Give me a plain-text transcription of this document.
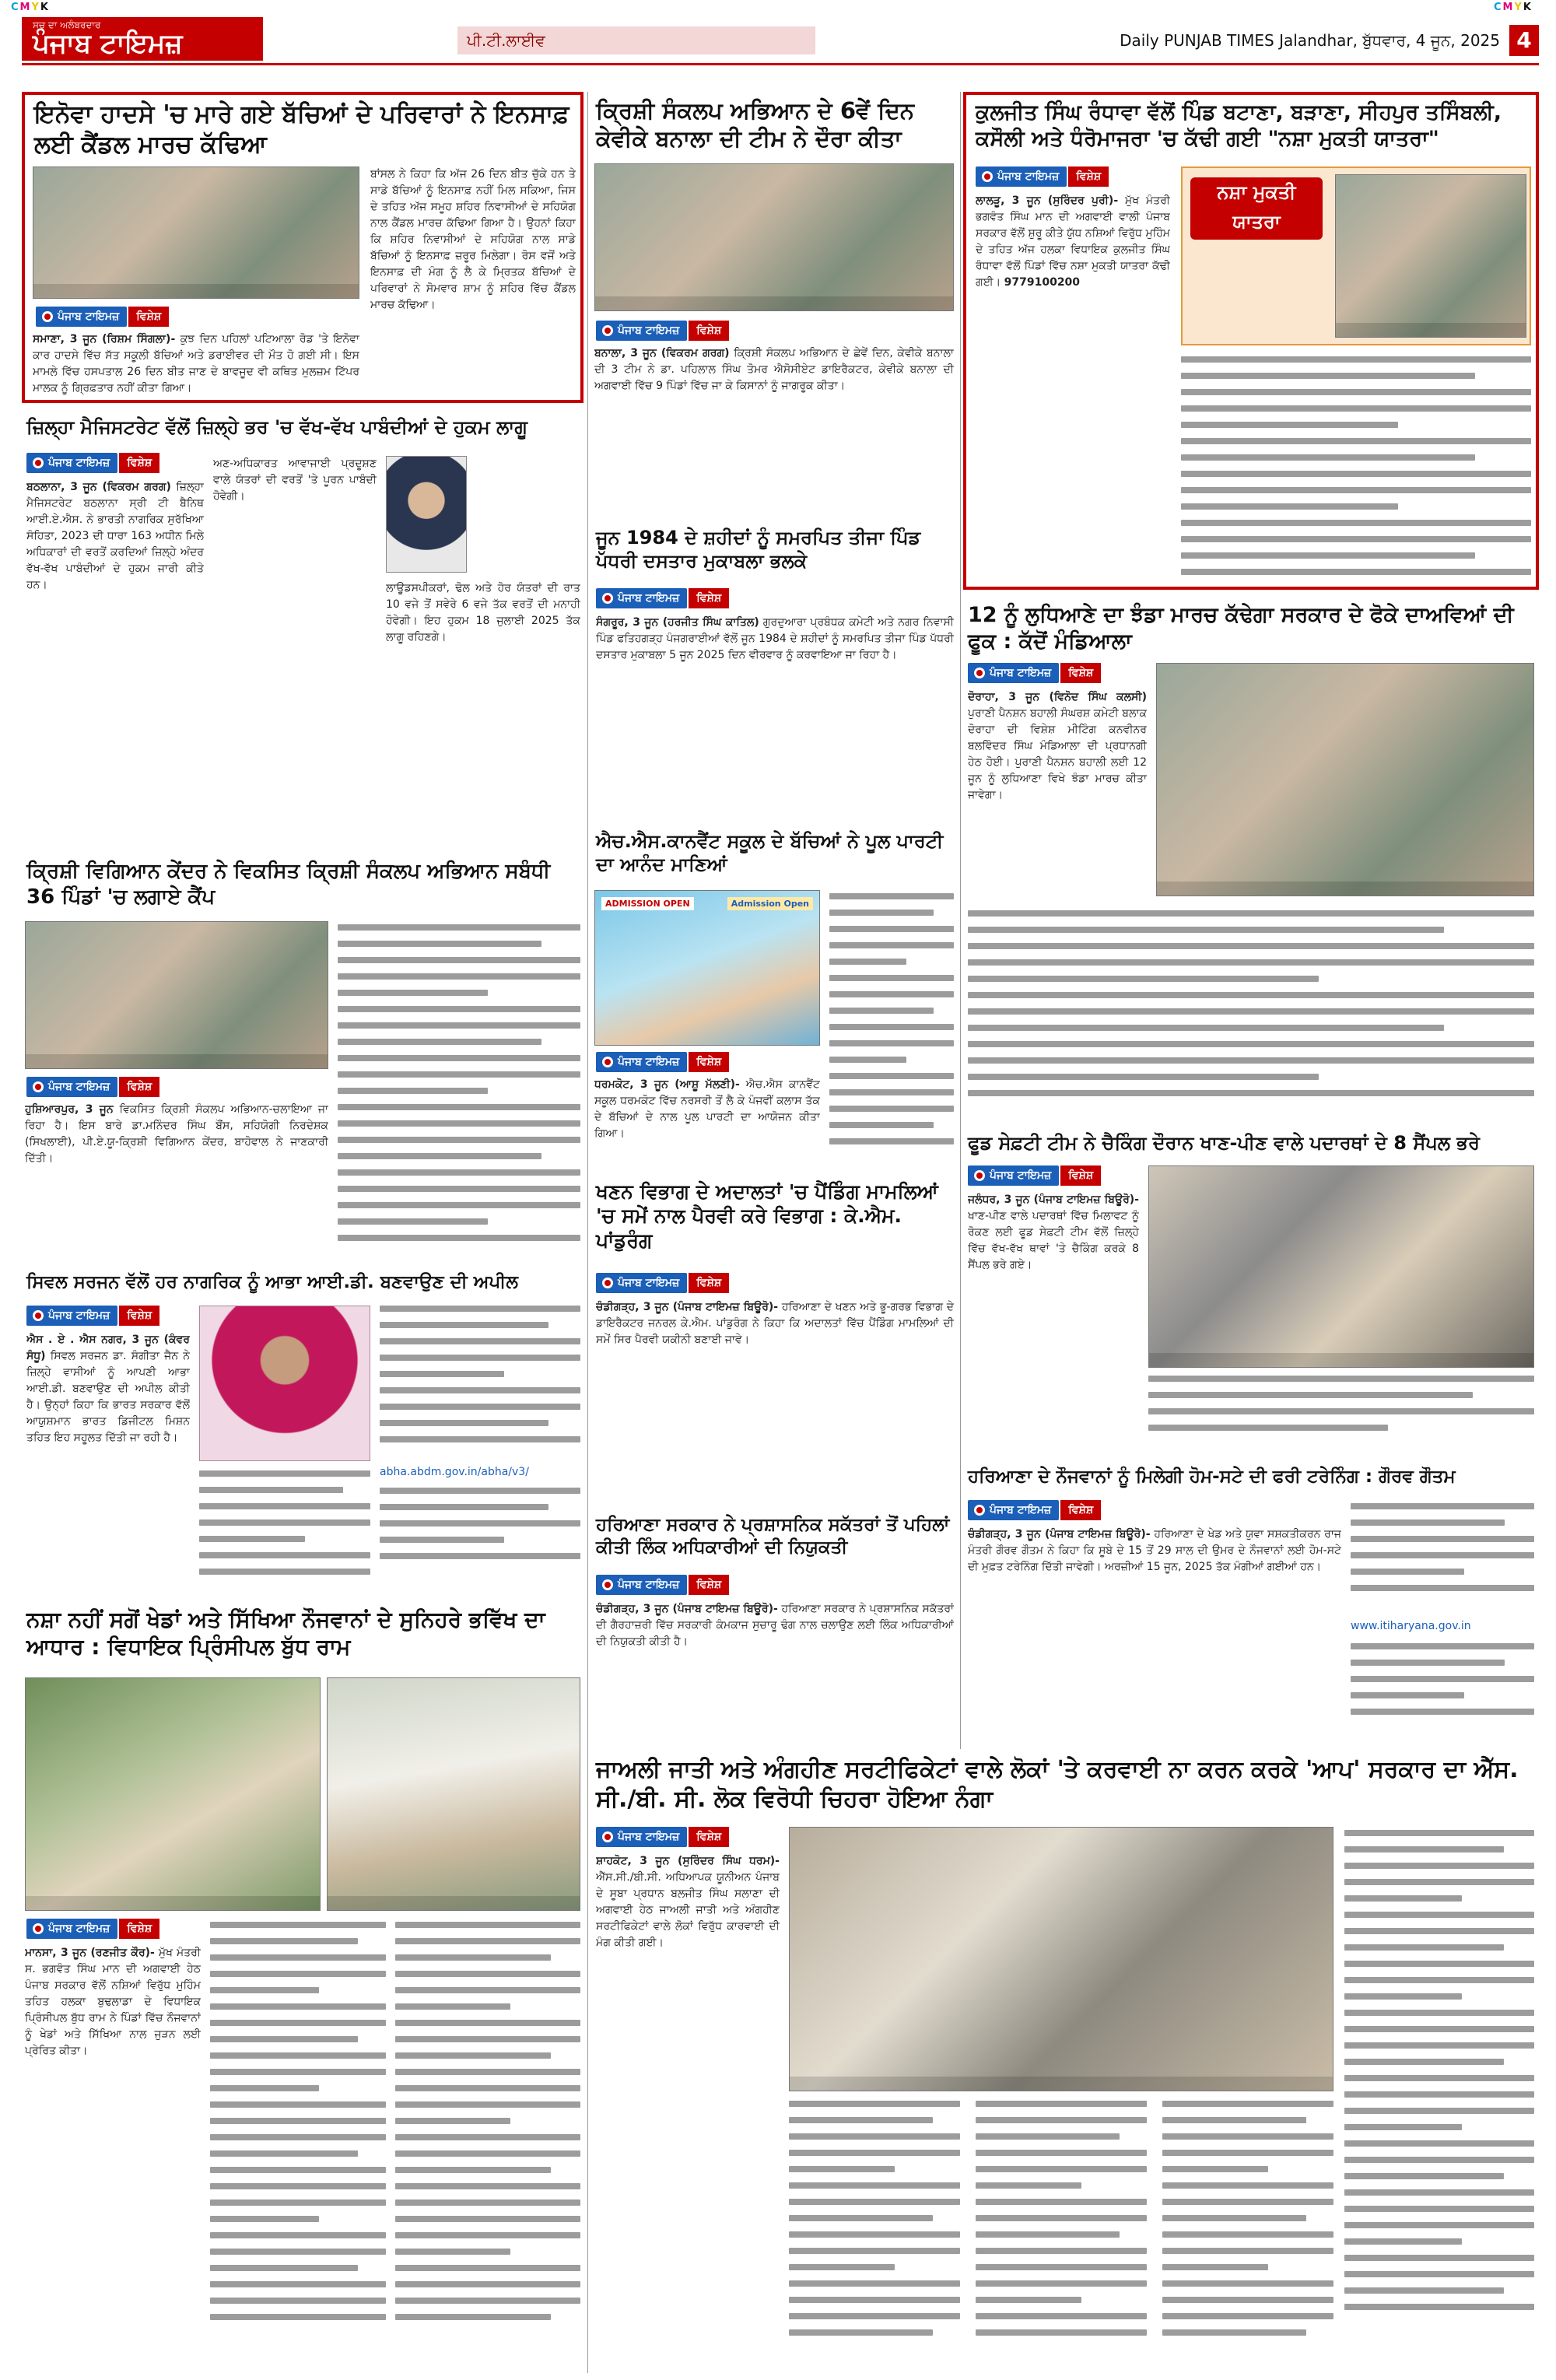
CMYK	CMYK
ਸਚ ਦਾ ਅਲੰਬਰਦਾਰ
ਪੰਜਾਬ ਟਾਇਮਜ਼	ਪੀ.ਟੀ.ਲਾਈਵ	Daily PUNJAB TIMES Jalandhar, ਬੁੱਧਵਾਰ, 4 ਜੂਨ, 2025 4
ਇਨੋਵਾ ਹਾਦਸੇ 'ਚ ਮਾਰੇ ਗਏ ਬੱਚਿਆਂ ਦੇ ਪਰਿਵਾਰਾਂ ਨੇ ਇਨਸਾਫ਼ ਲਈ ਕੈਂਡਲ ਮਾਰਚ ਕੱਢਿਆ
ਪੰਜਾਬ ਟਾਇਮਜ਼ ਵਿਸ਼ੇਸ਼
ਸਮਾਣਾ, 3 ਜੂਨ (ਰਿਸ਼ਮ ਸਿੰਗਲਾ)- ਕੁਝ ਦਿਨ ਪਹਿਲਾਂ ਪਟਿਆਲਾ ਰੋਡ 'ਤੇ ਇਨੋਵਾ ਕਾਰ ਹਾਦਸੇ ਵਿੱਚ ਸੱਤ ਸਕੂਲੀ ਬੱਚਿਆਂ ਅਤੇ ਡਰਾਈਵਰ ਦੀ ਮੌਤ ਹੋ ਗਈ ਸੀ। ਇਸ ਮਾਮਲੇ ਵਿੱਚ ਹਸਪਤਾਲ 26 ਦਿਨ ਬੀਤ ਜਾਣ ਦੇ ਬਾਵਜੂਦ ਵੀ ਕਥਿਤ ਮੁਲਜ਼ਮ ਟਿੱਪਰ ਮਾਲਕ ਨੂੰ ਗ੍ਰਿਫ਼ਤਾਰ ਨਹੀਂ ਕੀਤਾ ਗਿਆ।
ਬਾਂਸਲ ਨੇ ਕਿਹਾ ਕਿ ਅੱਜ 26 ਦਿਨ ਬੀਤ ਚੁੱਕੇ ਹਨ ਤੇ ਸਾਡੇ ਬੱਚਿਆਂ ਨੂੰ ਇਨਸਾਫ਼ ਨਹੀਂ ਮਿਲ ਸਕਿਆ, ਜਿਸ ਦੇ ਤਹਿਤ ਅੱਜ ਸਮੂਹ ਸ਼ਹਿਰ ਨਿਵਾਸੀਆਂ ਦੇ ਸਹਿਯੋਗ ਨਾਲ ਕੈਂਡਲ ਮਾਰਚ ਕੱਢਿਆ ਗਿਆ ਹੈ। ਉਹਨਾਂ ਕਿਹਾ ਕਿ ਸ਼ਹਿਰ ਨਿਵਾਸੀਆਂ ਦੇ ਸਹਿਯੋਗ ਨਾਲ ਸਾਡੇ ਬੱਚਿਆਂ ਨੂੰ ਇਨਸਾਫ਼ ਜ਼ਰੂਰ ਮਿਲੇਗਾ। ਰੋਸ ਵਜੋਂ ਅਤੇ ਇਨਸਾਫ਼ ਦੀ ਮੰਗ ਨੂੰ ਲੈ ਕੇ ਮ੍ਰਿਤਕ ਬੱਚਿਆਂ ਦੇ ਪਰਿਵਾਰਾਂ ਨੇ ਸੋਮਵਾਰ ਸ਼ਾਮ ਨੂੰ ਸ਼ਹਿਰ ਵਿੱਚ ਕੈਂਡਲ ਮਾਰਚ ਕੱਢਿਆ।
ਕ੍ਰਿਸ਼ੀ ਸੰਕਲਪ ਅਭਿਆਨ ਦੇ 6ਵੇਂ ਦਿਨ ਕੇਵੀਕੇ ਬਨਾਲਾ ਦੀ ਟੀਮ ਨੇ ਦੌਰਾ ਕੀਤਾ
ਪੰਜਾਬ ਟਾਇਮਜ਼ ਵਿਸ਼ੇਸ਼
ਬਨਾਲਾ, 3 ਜੂਨ (ਵਿਕਰਮ ਗਰਗ) ਕ੍ਰਿਸ਼ੀ ਸੰਕਲਪ ਅਭਿਆਨ ਦੇ ਛੇਵੇਂ ਦਿਨ, ਕੇਵੀਕੇ ਬਨਾਲਾ ਦੀ 3 ਟੀਮ ਨੇ ਡਾ. ਪਹਿਲਾਲ ਸਿੰਘ ਤੋਮਰ ਐਸੋਸੀਏਟ ਡਾਇਰੈਕਟਰ, ਕੇਵੀਕੇ ਬਨਾਲਾ ਦੀ ਅਗਵਾਈ ਵਿੱਚ 9 ਪਿੰਡਾਂ ਵਿੱਚ ਜਾ ਕੇ ਕਿਸਾਨਾਂ ਨੂੰ ਜਾਗਰੂਕ ਕੀਤਾ।
ਕੁਲਜੀਤ ਸਿੰਘ ਰੰਧਾਵਾ ਵੱਲੋਂ ਪਿੰਡ ਬਟਾਣਾ, ਬੜਾਣਾ, ਸੀਹਪੁਰ ਤਸਿੰਬਲੀ, ਕਸੌਲੀ ਅਤੇ ਧੰਰੋਮਾਜਰਾ 'ਚ ਕੱਢੀ ਗਈ "ਨਸ਼ਾ ਮੁਕਤੀ ਯਾਤਰਾ"
ਪੰਜਾਬ ਟਾਇਮਜ਼ ਵਿਸ਼ੇਸ਼
ਲਾਲੜੂ, 3 ਜੂਨ (ਸੁਰਿੰਦਰ ਪੁਰੀ)- ਮੁੱਖ ਮੰਤਰੀ ਭਗਵੰਤ ਸਿੰਘ ਮਾਨ ਦੀ ਅਗਵਾਈ ਵਾਲੀ ਪੰਜਾਬ ਸਰਕਾਰ ਵੱਲੋਂ ਸ਼ੁਰੂ ਕੀਤੇ ਯੁੱਧ ਨਸ਼ਿਆਂ ਵਿਰੁੱਧ ਮੁਹਿੰਮ ਦੇ ਤਹਿਤ ਅੱਜ ਹਲਕਾ ਵਿਧਾਇਕ ਕੁਲਜੀਤ ਸਿੰਘ ਰੰਧਾਵਾ ਵੱਲੋਂ ਪਿੰਡਾਂ ਵਿੱਚ ਨਸ਼ਾ ਮੁਕਤੀ ਯਾਤਰਾ ਕੱਢੀ ਗਈ। 9779100200
ਨਸ਼ਾ ਮੁਕਤੀ ਯਾਤਰਾ
ਜ਼ਿਲ੍ਹਾ ਮੈਜਿਸਟਰੇਟ ਵੱਲੋਂ ਜ਼ਿਲ੍ਹੇ ਭਰ 'ਚ ਵੱਖ-ਵੱਖ ਪਾਬੰਦੀਆਂ ਦੇ ਹੁਕਮ ਲਾਗੂ
ਪੰਜਾਬ ਟਾਇਮਜ਼ ਵਿਸ਼ੇਸ਼
ਬਠਲਾਨਾ, 3 ਜੂਨ (ਵਿਕਰਮ ਗਰਗ) ਜ਼ਿਲ੍ਹਾ ਮੈਜਿਸਟਰੇਟ ਬਠਲਾਨਾ ਸ੍ਰੀ ਟੀ ਬੈਨਿਥ ਆਈ.ਏ.ਐਸ. ਨੇ ਭਾਰਤੀ ਨਾਗਰਿਕ ਸੁਰੱਖਿਆ ਸੰਹਿਤਾ, 2023 ਦੀ ਧਾਰਾ 163 ਅਧੀਨ ਮਿਲੇ ਅਧਿਕਾਰਾਂ ਦੀ ਵਰਤੋਂ ਕਰਦਿਆਂ ਜ਼ਿਲ੍ਹੇ ਅੰਦਰ ਵੱਖ-ਵੱਖ ਪਾਬੰਦੀਆਂ ਦੇ ਹੁਕਮ ਜਾਰੀ ਕੀਤੇ ਹਨ।
ਅਣ-ਅਧਿਕਾਰਤ ਆਵਾਜਾਈ ਪ੍ਰਦੂਸ਼ਣ ਵਾਲੇ ਯੰਤਰਾਂ ਦੀ ਵਰਤੋਂ 'ਤੇ ਪੂਰਨ ਪਾਬੰਦੀ ਹੋਵੇਗੀ।
ਲਾਊਡਸਪੀਕਰਾਂ, ਢੋਲ ਅਤੇ ਹੋਰ ਯੰਤਰਾਂ ਦੀ ਰਾਤ 10 ਵਜੇ ਤੋਂ ਸਵੇਰੇ 6 ਵਜੇ ਤੱਕ ਵਰਤੋਂ ਦੀ ਮਨਾਹੀ ਹੋਵੇਗੀ। ਇਹ ਹੁਕਮ 18 ਜੁਲਾਈ 2025 ਤੱਕ ਲਾਗੂ ਰਹਿਣਗੇ।
ਜੂਨ 1984 ਦੇ ਸ਼ਹੀਦਾਂ ਨੂੰ ਸਮਰਪਿਤ ਤੀਜਾ ਪਿੰਡ ਪੱਧਰੀ ਦਸਤਾਰ ਮੁਕਾਬਲਾ ਭਲਕੇ
ਪੰਜਾਬ ਟਾਇਮਜ਼ ਵਿਸ਼ੇਸ਼
ਸੰਗਰੂਰ, 3 ਜੂਨ (ਹਰਜੀਤ ਸਿੰਘ ਕਾਤਿਲ) ਗੁਰਦੁਆਰਾ ਪ੍ਰਬੰਧਕ ਕਮੇਟੀ ਅਤੇ ਨਗਰ ਨਿਵਾਸੀ ਪਿੰਡ ਫਤਿਹਗੜ੍ਹ ਪੰਜਗਰਾਈਆਂ ਵੱਲੋਂ ਜੂਨ 1984 ਦੇ ਸ਼ਹੀਦਾਂ ਨੂੰ ਸਮਰਪਿਤ ਤੀਜਾ ਪਿੰਡ ਪੱਧਰੀ ਦਸਤਾਰ ਮੁਕਾਬਲਾ 5 ਜੂਨ 2025 ਦਿਨ ਵੀਰਵਾਰ ਨੂੰ ਕਰਵਾਇਆ ਜਾ ਰਿਹਾ ਹੈ।
12 ਨੂੰ ਲੁਧਿਆਣੇ ਦਾ ਝੰਡਾ ਮਾਰਚ ਕੱਢੇਗਾ ਸਰਕਾਰ ਦੇ ਫੋਕੇ ਦਾਅਵਿਆਂ ਦੀ ਫੂਕ : ਕੱਦੋਂ ਮੰਡਿਆਲਾ
ਪੰਜਾਬ ਟਾਇਮਜ਼ ਵਿਸ਼ੇਸ਼
ਦੋਰਾਹਾ, 3 ਜੂਨ (ਵਿਨੋਦ ਸਿੰਘ ਕਲਸੀ) ਪੁਰਾਣੀ ਪੈਨਸ਼ਨ ਬਹਾਲੀ ਸੰਘਰਸ਼ ਕਮੇਟੀ ਬਲਾਕ ਦੋਰਾਹਾ ਦੀ ਵਿਸ਼ੇਸ਼ ਮੀਟਿੰਗ ਕਨਵੀਨਰ ਬਲਵਿੰਦਰ ਸਿੰਘ ਮੰਡਿਆਲਾ ਦੀ ਪ੍ਰਧਾਨਗੀ ਹੇਠ ਹੋਈ। ਪੁਰਾਣੀ ਪੈਨਸ਼ਨ ਬਹਾਲੀ ਲਈ 12 ਜੂਨ ਨੂੰ ਲੁਧਿਆਣਾ ਵਿਖੇ ਝੰਡਾ ਮਾਰਚ ਕੀਤਾ ਜਾਵੇਗਾ।
ਐਚ.ਐਸ.ਕਾਨਵੈਂਟ ਸਕੂਲ ਦੇ ਬੱਚਿਆਂ ਨੇ ਪੂਲ ਪਾਰਟੀ ਦਾ ਆਨੰਦ ਮਾਣਿਆਂ
ADMISSION OPEN	Admission Open
ਪੰਜਾਬ ਟਾਇਮਜ਼ ਵਿਸ਼ੇਸ਼
ਧਰਮਕੋਟ, 3 ਜੂਨ (ਆਸ਼ੂ ਮੱਲਣੀ)- ਐਚ.ਐਸ ਕਾਨਵੈਂਟ ਸਕੂਲ ਧਰਮਕੋਟ ਵਿੱਚ ਨਰਸਰੀ ਤੋਂ ਲੈ ਕੇ ਪੰਜਵੀਂ ਕਲਾਸ ਤੱਕ ਦੇ ਬੱਚਿਆਂ ਦੇ ਨਾਲ ਪੂਲ ਪਾਰਟੀ ਦਾ ਆਯੋਜਨ ਕੀਤਾ ਗਿਆ।
ਕ੍ਰਿਸ਼ੀ ਵਿਗਿਆਨ ਕੇਂਦਰ ਨੇ ਵਿਕਸਿਤ ਕ੍ਰਿਸ਼ੀ ਸੰਕਲਪ ਅਭਿਆਨ ਸਬੰਧੀ 36 ਪਿੰਡਾਂ 'ਚ ਲਗਾਏ ਕੈਂਪ
ਪੰਜਾਬ ਟਾਇਮਜ਼ ਵਿਸ਼ੇਸ਼
ਹੁਸ਼ਿਆਰਪੁਰ, 3 ਜੂਨ ਵਿਕਸਿਤ ਕ੍ਰਿਸ਼ੀ ਸੰਕਲਪ ਅਭਿਆਨ-ਚਲਾਇਆ ਜਾ ਰਿਹਾ ਹੈ। ਇਸ ਬਾਰੇ ਡਾ.ਮਨਿੰਦਰ ਸਿੰਘ ਬੌਂਸ, ਸਹਿਯੋਗੀ ਨਿਰਦੇਸ਼ਕ (ਸਿਖਲਾਈ), ਪੀ.ਏ.ਯੂ-ਕ੍ਰਿਸ਼ੀ ਵਿਗਿਆਨ ਕੇਂਦਰ, ਬਾਹੋਵਾਲ ਨੇ ਜਾਣਕਾਰੀ ਦਿੱਤੀ।
ਫੂਡ ਸੇਫ਼ਟੀ ਟੀਮ ਨੇ ਚੈਕਿੰਗ ਦੌਰਾਨ ਖਾਣ-ਪੀਣ ਵਾਲੇ ਪਦਾਰਥਾਂ ਦੇ 8 ਸੈਂਪਲ ਭਰੇ
ਪੰਜਾਬ ਟਾਇਮਜ਼ ਵਿਸ਼ੇਸ਼
ਜਲੰਧਰ, 3 ਜੂਨ (ਪੰਜਾਬ ਟਾਇਮਜ਼ ਬਿਊਰੋ)- ਖਾਣ-ਪੀਣ ਵਾਲੇ ਪਦਾਰਥਾਂ ਵਿੱਚ ਮਿਲਾਵਟ ਨੂੰ ਰੋਕਣ ਲਈ ਫੂਡ ਸੇਫ਼ਟੀ ਟੀਮ ਵੱਲੋਂ ਜ਼ਿਲ੍ਹੇ ਵਿੱਚ ਵੱਖ-ਵੱਖ ਥਾਵਾਂ 'ਤੇ ਚੈਕਿੰਗ ਕਰਕੇ 8 ਸੈਂਪਲ ਭਰੇ ਗਏ।
ਖਣਨ ਵਿਭਾਗ ਦੇ ਅਦਾਲਤਾਂ 'ਚ ਪੈਂਡਿੰਗ ਮਾਮਲਿਆਂ 'ਚ ਸਮੇਂ ਨਾਲ ਪੈਰਵੀ ਕਰੇ ਵਿਭਾਗ : ਕੇ.ਐਮ. ਪਾਂਡੁਰੰਗ
ਪੰਜਾਬ ਟਾਇਮਜ਼ ਵਿਸ਼ੇਸ਼
ਚੰਡੀਗੜ੍ਹ, 3 ਜੂਨ (ਪੰਜਾਬ ਟਾਇਮਜ਼ ਬਿਊਰੋ)- ਹਰਿਆਣਾ ਦੇ ਖਣਨ ਅਤੇ ਭੂ-ਗਰਭ ਵਿਭਾਗ ਦੇ ਡਾਇਰੈਕਟਰ ਜਨਰਲ ਕੇ.ਐਮ. ਪਾਂਡੁਰੰਗ ਨੇ ਕਿਹਾ ਕਿ ਅਦਾਲਤਾਂ ਵਿੱਚ ਪੈਂਡਿੰਗ ਮਾਮਲਿਆਂ ਦੀ ਸਮੇਂ ਸਿਰ ਪੈਰਵੀ ਯਕੀਨੀ ਬਣਾਈ ਜਾਵੇ।
ਸਿਵਲ ਸਰਜਨ ਵੱਲੋਂ ਹਰ ਨਾਗਰਿਕ ਨੂੰ ਆਭਾ ਆਈ.ਡੀ. ਬਣਵਾਉਣ ਦੀ ਅਪੀਲ
ਪੰਜਾਬ ਟਾਇਮਜ਼ ਵਿਸ਼ੇਸ਼
ਐਸ . ਏ . ਐਸ ਨਗਰ, 3 ਜੂਨ (ਕੰਵਰ ਸੰਧੂ) ਸਿਵਲ ਸਰਜਨ ਡਾ. ਸੰਗੀਤਾ ਜੈਨ ਨੇ ਜ਼ਿਲ੍ਹੇ ਵਾਸੀਆਂ ਨੂੰ ਆਪਣੀ ਆਭਾ ਆਈ.ਡੀ. ਬਣਵਾਉਣ ਦੀ ਅਪੀਲ ਕੀਤੀ ਹੈ। ਉਨ੍ਹਾਂ ਕਿਹਾ ਕਿ ਭਾਰਤ ਸਰਕਾਰ ਵੱਲੋਂ ਆਯੁਸ਼ਮਾਨ ਭਾਰਤ ਡਿਜੀਟਲ ਮਿਸ਼ਨ ਤਹਿਤ ਇਹ ਸਹੂਲਤ ਦਿੱਤੀ ਜਾ ਰਹੀ ਹੈ।
abha.abdm.gov.in/abha/v3/
ਹਰਿਆਣਾ ਸਰਕਾਰ ਨੇ ਪ੍ਰਸ਼ਾਸਨਿਕ ਸਕੱਤਰਾਂ ਤੋਂ ਪਹਿਲਾਂ ਕੀਤੀ ਲਿੰਕ ਅਧਿਕਾਰੀਆਂ ਦੀ ਨਿਯੁਕਤੀ
ਪੰਜਾਬ ਟਾਇਮਜ਼ ਵਿਸ਼ੇਸ਼
ਚੰਡੀਗੜ੍ਹ, 3 ਜੂਨ (ਪੰਜਾਬ ਟਾਇਮਜ਼ ਬਿਊਰੋ)- ਹਰਿਆਣਾ ਸਰਕਾਰ ਨੇ ਪ੍ਰਸ਼ਾਸਨਿਕ ਸਕੱਤਰਾਂ ਦੀ ਗੈਰਹਾਜ਼ਰੀ ਵਿੱਚ ਸਰਕਾਰੀ ਕੰਮਕਾਜ ਸੁਚਾਰੂ ਢੰਗ ਨਾਲ ਚਲਾਉਣ ਲਈ ਲਿੰਕ ਅਧਿਕਾਰੀਆਂ ਦੀ ਨਿਯੁਕਤੀ ਕੀਤੀ ਹੈ।
ਹਰਿਆਣਾ ਦੇ ਨੌਜਵਾਨਾਂ ਨੂੰ ਮਿਲੇਗੀ ਹੋਮ-ਸਟੇ ਦੀ ਫਰੀ ਟਰੇਨਿੰਗ : ਗੌਰਵ ਗੌਤਮ
ਪੰਜਾਬ ਟਾਇਮਜ਼ ਵਿਸ਼ੇਸ਼
ਚੰਡੀਗੜ੍ਹ, 3 ਜੂਨ (ਪੰਜਾਬ ਟਾਇਮਜ਼ ਬਿਊਰੋ)- ਹਰਿਆਣਾ ਦੇ ਖੇਡ ਅਤੇ ਯੁਵਾ ਸਸ਼ਕਤੀਕਰਨ ਰਾਜ ਮੰਤਰੀ ਗੌਰਵ ਗੌਤਮ ਨੇ ਕਿਹਾ ਕਿ ਸੂਬੇ ਦੇ 15 ਤੋਂ 29 ਸਾਲ ਦੀ ਉਮਰ ਦੇ ਨੌਜਵਾਨਾਂ ਲਈ ਹੋਮ-ਸਟੇ ਦੀ ਮੁਫ਼ਤ ਟਰੇਨਿੰਗ ਦਿੱਤੀ ਜਾਵੇਗੀ। ਅਰਜ਼ੀਆਂ 15 ਜੂਨ, 2025 ਤੱਕ ਮੰਗੀਆਂ ਗਈਆਂ ਹਨ।
www.itiharyana.gov.in
ਨਸ਼ਾ ਨਹੀਂ ਸਗੋਂ ਖੇਡਾਂ ਅਤੇ ਸਿੱਖਿਆ ਨੌਜਵਾਨਾਂ ਦੇ ਸੁਨਿਹਰੇ ਭਵਿੱਖ ਦਾ ਆਧਾਰ : ਵਿਧਾਇਕ ਪ੍ਰਿੰਸੀਪਲ ਬੁੱਧ ਰਾਮ
ਪੰਜਾਬ ਟਾਇਮਜ਼ ਵਿਸ਼ੇਸ਼
ਮਾਨਸਾ, 3 ਜੂਨ (ਰਣਜੀਤ ਕੌਰ)- ਮੁੱਖ ਮੰਤਰੀ ਸ. ਭਗਵੰਤ ਸਿੰਘ ਮਾਨ ਦੀ ਅਗਵਾਈ ਹੇਠ ਪੰਜਾਬ ਸਰਕਾਰ ਵੱਲੋਂ ਨਸ਼ਿਆਂ ਵਿਰੁੱਧ ਮੁਹਿੰਮ ਤਹਿਤ ਹਲਕਾ ਬੁਢਲਾਡਾ ਦੇ ਵਿਧਾਇਕ ਪ੍ਰਿੰਸੀਪਲ ਬੁੱਧ ਰਾਮ ਨੇ ਪਿੰਡਾਂ ਵਿੱਚ ਨੌਜਵਾਨਾਂ ਨੂੰ ਖੇਡਾਂ ਅਤੇ ਸਿੱਖਿਆ ਨਾਲ ਜੁੜਨ ਲਈ ਪ੍ਰੇਰਿਤ ਕੀਤਾ।
ਜਾਅਲੀ ਜਾਤੀ ਅਤੇ ਅੰਗਹੀਣ ਸਰਟੀਫਿਕੇਟਾਂ ਵਾਲੇ ਲੋਕਾਂ 'ਤੇ ਕਰਵਾਈ ਨਾ ਕਰਨ ਕਰਕੇ 'ਆਪ' ਸਰਕਾਰ ਦਾ ਐੱਸ. ਸੀ./ਬੀ. ਸੀ. ਲੋਕ ਵਿਰੋਧੀ ਚਿਹਰਾ ਹੋਇਆ ਨੰਗਾ
ਪੰਜਾਬ ਟਾਇਮਜ਼ ਵਿਸ਼ੇਸ਼
ਸ਼ਾਹਕੋਟ, 3 ਜੂਨ (ਸੁਰਿੰਦਰ ਸਿੰਘ ਧਰਮ)- ਐੱਸ.ਸੀ./ਬੀ.ਸੀ. ਅਧਿਆਪਕ ਯੂਨੀਅਨ ਪੰਜਾਬ ਦੇ ਸੂਬਾ ਪ੍ਰਧਾਨ ਬਲਜੀਤ ਸਿੰਘ ਸਲਾਣਾ ਦੀ ਅਗਵਾਈ ਹੇਠ ਜਾਅਲੀ ਜਾਤੀ ਅਤੇ ਅੰਗਹੀਣ ਸਰਟੀਫਿਕੇਟਾਂ ਵਾਲੇ ਲੋਕਾਂ ਵਿਰੁੱਧ ਕਾਰਵਾਈ ਦੀ ਮੰਗ ਕੀਤੀ ਗਈ।
